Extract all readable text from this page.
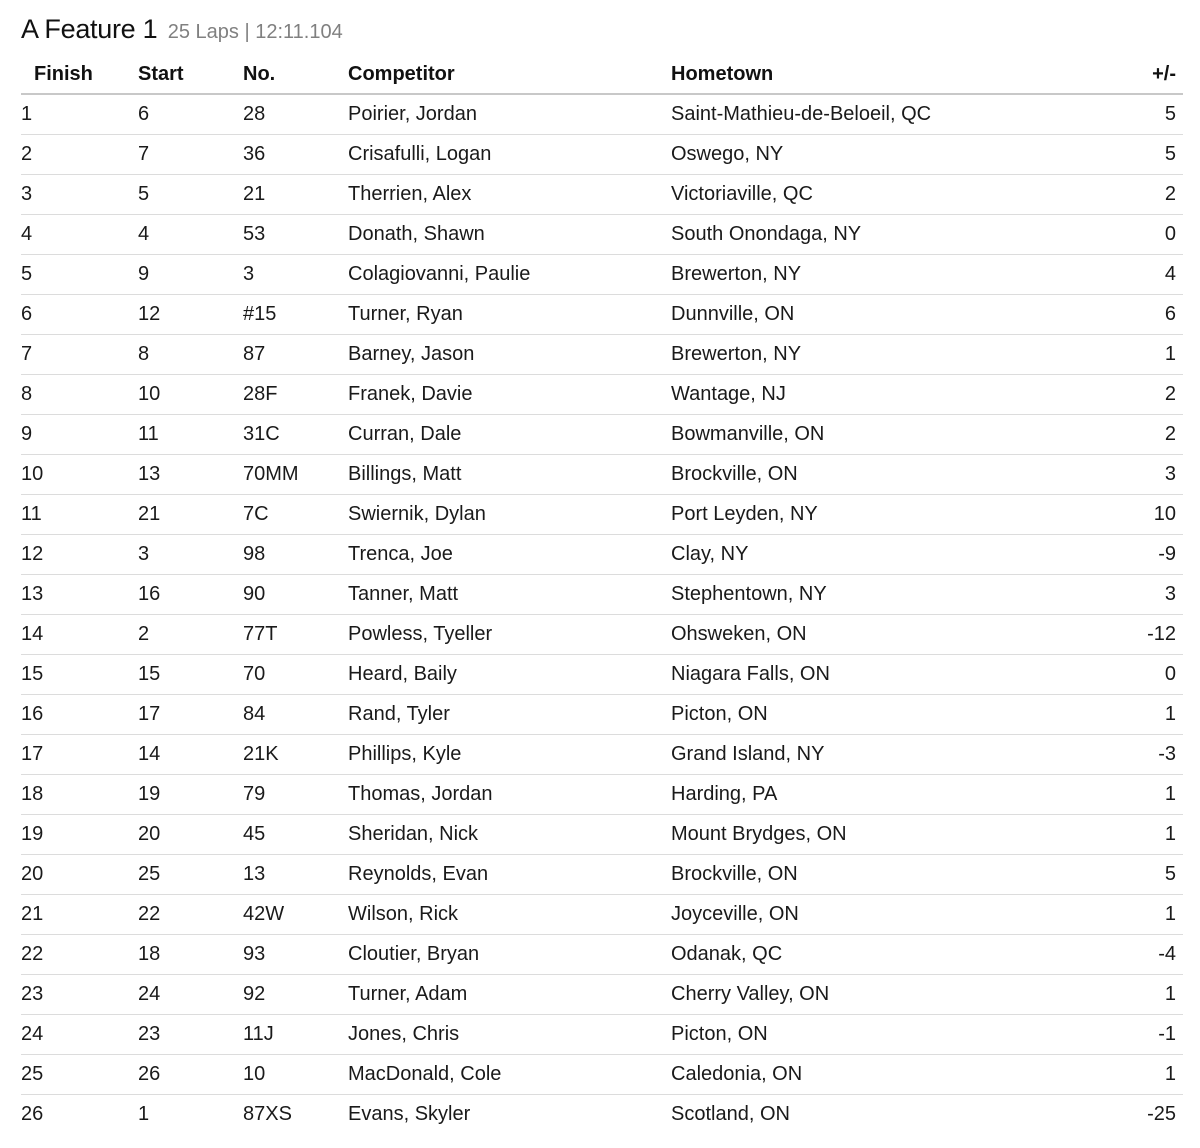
A Feature 1 25 Laps | 12:11.104
Finish	Start	No.	Competitor	Hometown	+/-
1	6	28	Poirier, Jordan	Saint-Mathieu-de-Beloeil, QC	5
2	7	36	Crisafulli, Logan	Oswego, NY	5
3	5	21	Therrien, Alex	Victoriaville, QC	2
4	4	53	Donath, Shawn	South Onondaga, NY	0
5	9	3	Colagiovanni, Paulie	Brewerton, NY	4
6	12	#15	Turner, Ryan	Dunnville, ON	6
7	8	87	Barney, Jason	Brewerton, NY	1
8	10	28F	Franek, Davie	Wantage, NJ	2
9	11	31C	Curran, Dale	Bowmanville, ON	2
10	13	70MM	Billings, Matt	Brockville, ON	3
11	21	7C	Swiernik, Dylan	Port Leyden, NY	10
12	3	98	Trenca, Joe	Clay, NY	-9
13	16	90	Tanner, Matt	Stephentown, NY	3
14	2	77T	Powless, Tyeller	Ohsweken, ON	-12
15	15	70	Heard, Baily	Niagara Falls, ON	0
16	17	84	Rand, Tyler	Picton, ON	1
17	14	21K	Phillips, Kyle	Grand Island, NY	-3
18	19	79	Thomas, Jordan	Harding, PA	1
19	20	45	Sheridan, Nick	Mount Brydges, ON	1
20	25	13	Reynolds, Evan	Brockville, ON	5
21	22	42W	Wilson, Rick	Joyceville, ON	1
22	18	93	Cloutier, Bryan	Odanak, QC	-4
23	24	92	Turner, Adam	Cherry Valley, ON	1
24	23	11J	Jones, Chris	Picton, ON	-1
25	26	10	MacDonald, Cole	Caledonia, ON	1
26	1	87XS	Evans, Skyler	Scotland, ON	-25
